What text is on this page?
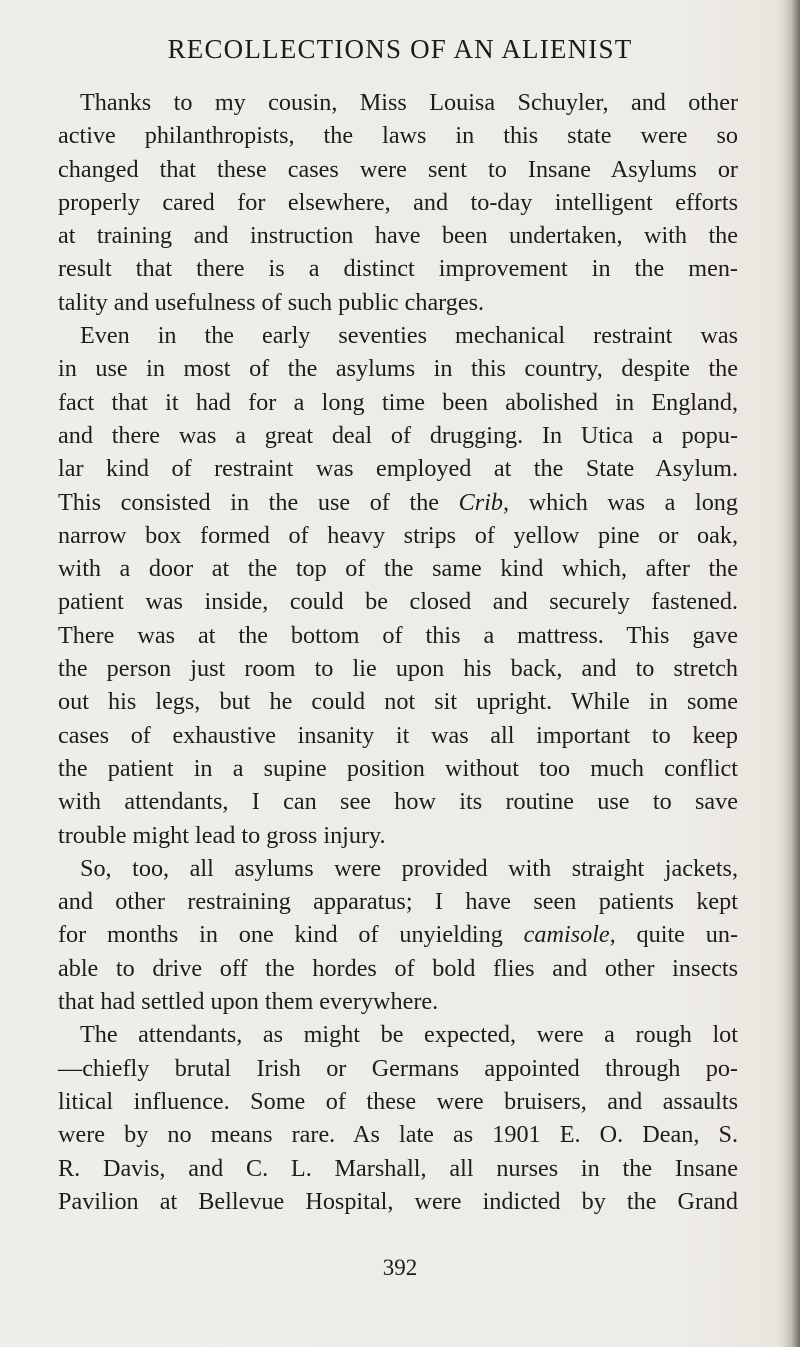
RECOLLECTIONS OF AN ALIENIST
Thanks to my cousin, Miss Louisa Schuyler, and other
active philanthropists, the laws in this state were so
changed that these cases were sent to Insane Asylums or
properly cared for elsewhere, and to-day intelligent efforts
at training and instruction have been undertaken, with the
result that there is a distinct improvement in the men-
tality and usefulness of such public charges.
Even in the early seventies mechanical restraint was
in use in most of the asylums in this country, despite the
fact that it had for a long time been abolished in England,
and there was a great deal of drugging. In Utica a popu-
lar kind of restraint was employed at the State Asylum.
This consisted in the use of the Crib, which was a long
narrow box formed of heavy strips of yellow pine or oak,
with a door at the top of the same kind which, after the
patient was inside, could be closed and securely fastened.
There was at the bottom of this a mattress. This gave
the person just room to lie upon his back, and to stretch
out his legs, but he could not sit upright. While in some
cases of exhaustive insanity it was all important to keep
the patient in a supine position without too much conflict
with attendants, I can see how its routine use to save
trouble might lead to gross injury.
So, too, all asylums were provided with straight jackets,
and other restraining apparatus; I have seen patients kept
for months in one kind of unyielding camisole, quite un-
able to drive off the hordes of bold flies and other insects
that had settled upon them everywhere.
The attendants, as might be expected, were a rough lot
—chiefly brutal Irish or Germans appointed through po-
litical influence. Some of these were bruisers, and assaults
were by no means rare. As late as 1901 E. O. Dean, S.
R. Davis, and C. L. Marshall, all nurses in the Insane
Pavilion at Bellevue Hospital, were indicted by the Grand
392
